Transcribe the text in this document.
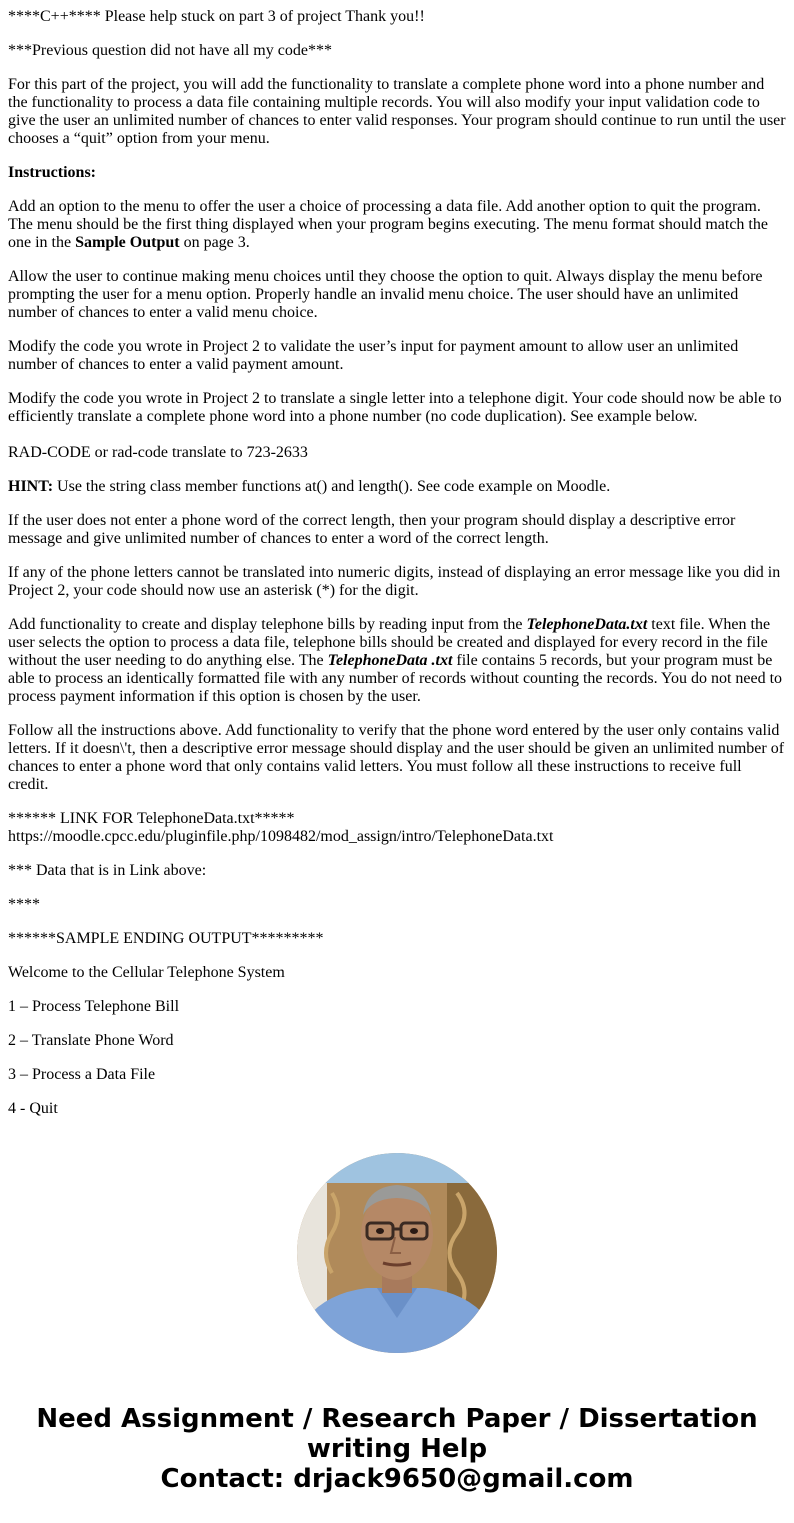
****C++**** Please help stuck on part 3 of project Thank you!!

***Previous question did not have all my code***

For this part of the project, you will add the functionality to translate a complete phone word into a phone number and the functionality to process a data file containing multiple records. You will also modify your input validation code to give the user an unlimited number of chances to enter valid responses. Your program should continue to run until the user chooses a “quit” option from your menu.

Instructions:

Add an option to the menu to offer the user a choice of processing a data file. Add another option to quit the program. The menu should be the first thing displayed when your program begins executing. The menu format should match the one in the Sample Output on page 3.

Allow the user to continue making menu choices until they choose the option to quit. Always display the menu before prompting the user for a menu option. Properly handle an invalid menu choice. The user should have an unlimited number of chances to enter a valid menu choice.

Modify the code you wrote in Project 2 to validate the user’s input for payment amount to allow user an unlimited number of chances to enter a valid payment amount.

Modify the code you wrote in Project 2 to translate a single letter into a telephone digit. Your code should now be able to efficiently translate a complete phone word into a phone number (no code duplication). See example below.

RAD-CODE or rad-code translate to 723-2633

HINT: Use the string class member functions at() and length(). See code example on Moodle.

If the user does not enter a phone word of the correct length, then your program should display a descriptive error message and give unlimited number of chances to enter a word of the correct length.

If any of the phone letters cannot be translated into numeric digits, instead of displaying an error message like you did in Project 2, your code should now use an asterisk (*) for the digit.

Add functionality to create and display telephone bills by reading input from the TelephoneData.txt text file. When the user selects the option to process a data file, telephone bills should be created and displayed for every record in the file without the user needing to do anything else. The TelephoneData .txt file contains 5 records, but your program must be able to process an identically formatted file with any number of records without counting the records. You do not need to process payment information if this option is chosen by the user.

Follow all the instructions above. Add functionality to verify that the phone word entered by the user only contains valid letters. If it doesn\'t, then a descriptive error message should display and the user should be given an unlimited number of chances to enter a phone word that only contains valid letters. You must follow all these instructions to receive full credit.

****** LINK FOR TelephoneData.txt*****
https://moodle.cpcc.edu/pluginfile.php/1098482/mod_assign/intro/TelephoneData.txt

*** Data that is in Link above:

****

******SAMPLE ENDING OUTPUT*********

Welcome to the Cellular Telephone System

1 – Process Telephone Bill

2 – Translate Phone Word

3 – Process a Data File

4 - Quit

Need Assignment / Research Paper / Dissertation
writing Help
Contact: drjack9650@gmail.com
